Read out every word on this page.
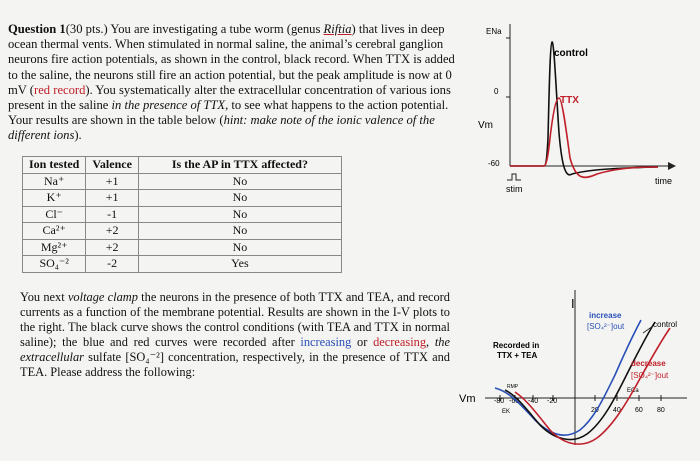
Question 1(30 pts.) You are investigating a tube worm (genus Riftia) that lives in deep ocean thermal vents. When stimulated in normal saline, the animal’s cerebral ganglion neurons fire action potentials, as shown in the control, black record. When TTX is added to the saline, the neurons still fire an action potential, but the peak amplitude is now at 0 mV (red record). You systematically alter the extracellular concentration of various ions present in the saline in the presence of TTX, to see what happens to the action potential. Your results are shown in the table below (hint: make note of the ionic valence of the different ions).
Ion tested	Valence	Is the AP in TTX affected?
Na⁺	+1	No
K⁺	+1	No
Cl⁻	-1	No
Ca²⁺	+2	No
Mg²⁺	+2	No
SO₄⁻²	-2	Yes
You next voltage clamp the neurons in the presence of both TTX and TEA, and record currents as a function of the membrane potential. Results are shown in the I-V plots to the right. The black curve shows the control conditions (with TEA and TTX in normal saline); the blue and red curves were recorded after increasing or decreasing, the extracellular sulfate [SO₄⁻²] concentration, respectively, in the presence of TTX and TEA. Please address the following:
ENa
0
Vm
-60
stim
time
control
TTX
I
Recorded in
TTX + TEA
Vm	-80 -60 -40 -20
20 40 60 80
RMP
EK
ECa
increase
[SO₄²⁻]out	control
decrease
[SO₄²⁻]out
